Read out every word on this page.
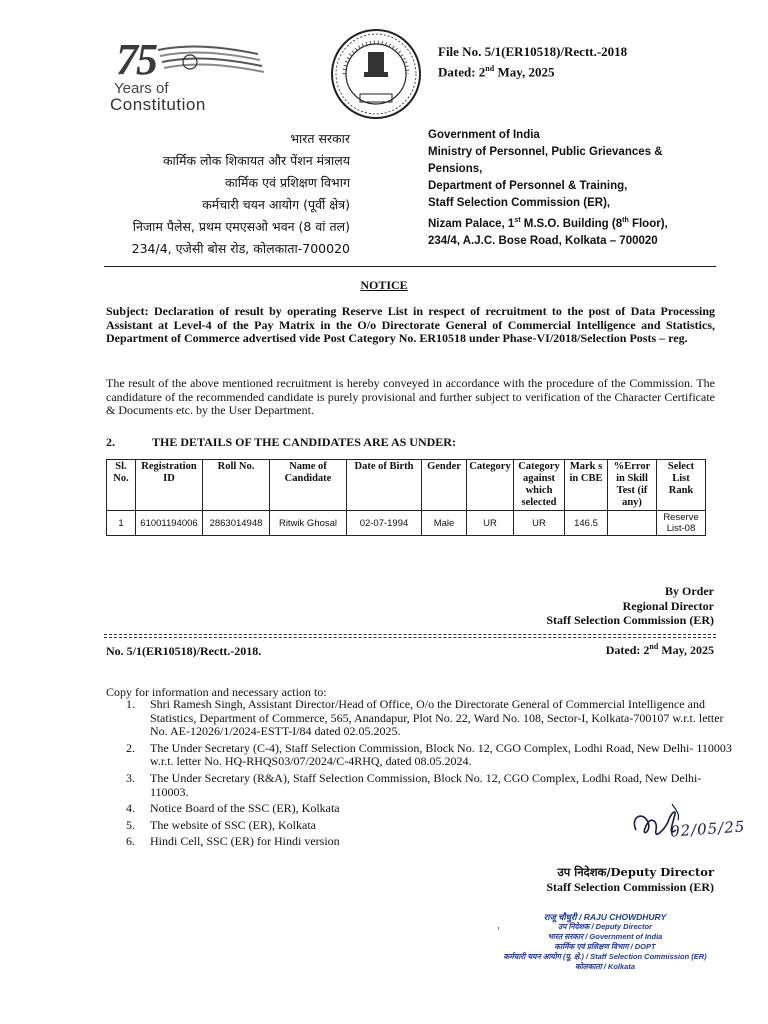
75
Years of
Constitution
File No. 5/1(ER10518)/Rectt.-2018
Dated: 2nd May, 2025
भारत सरकार
कार्मिक लोक शिकायत और पेंशन मंत्रालय
कार्मिक एवं प्रशिक्षण विभाग
कर्मचारी चयन आयोग (पूर्वी क्षेत्र)
निजाम पैलेस, प्रथम एमएसओ भवन (8 वां तल)
234/4, एजेसी बोस रोड, कोलकाता-700020
Government of India
Ministry of Personnel, Public Grievances &
Pensions,
Department of Personnel & Training,
Staff Selection Commission (ER),
Nizam Palace, 1st M.S.O. Building (8th Floor),
234/4, A.J.C. Bose Road, Kolkata – 700020
NOTICE
Subject: Declaration of result by operating Reserve List in respect of recruitment to the post of Data Processing Assistant at Level-4 of the Pay Matrix in the O/o Directorate General of Commercial Intelligence and Statistics, Department of Commerce advertised vide Post Category No. ER10518 under Phase-VI/2018/Selection Posts – reg.
The result of the above mentioned recruitment is hereby conveyed in accordance with the procedure of the Commission. The candidature of the recommended candidate is purely provisional and further subject to verification of the Character Certificate & Documents etc. by the User Department.
2.	THE DETAILS OF THE CANDIDATES ARE AS UNDER:
Sl. No.	Registration ID	Roll No.	Name of Candidate	Date of Birth	Gender	Category	Category against which selected	Mark s in CBE	%Error in Skill Test (if any)	Select List Rank
1	61001194006	2863014948	Ritwik Ghosal	02-07-1994	Male	UR	UR	146.5		Reserve List-08
By Order
Regional Director
Staff Selection Commission (ER)
No. 5/1(ER10518)/Rectt.-2018.	Dated: 2nd May, 2025
Copy for information and necessary action to:
1. Shri Ramesh Singh, Assistant Director/Head of Office, O/o the Directorate General of Commercial Intelligence and Statistics, Department of Commerce, 565, Anandapur, Plot No. 22, Ward No. 108, Sector-I, Kolkata-700107 w.r.t. letter No. AE-12026/1/2024-ESTT-I/84 dated 02.05.2025.
2. The Under Secretary (C-4), Staff Selection Commission, Block No. 12, CGO Complex, Lodhi Road, New Delhi- 110003 w.r.t. letter No. HQ-RHQS03/07/2024/C-4RHQ, dated 08.05.2024.
3. The Under Secretary (R&A), Staff Selection Commission, Block No. 12, CGO Complex, Lodhi Road, New Delhi-110003.
4. Notice Board of the SSC (ER), Kolkata
5. The website of SSC (ER), Kolkata
6. Hindi Cell, SSC (ER) for Hindi version
02/05/25
उप निदेशक/Deputy Director
Staff Selection Commission (ER)
राजू चौधुरी / RAJU CHOWDHURY
उप निदेशक / Deputy Director
भारत सरकार / Government of India
कार्मिक एवं प्रशिक्षण विभाग / DOPT
कर्मचारी चयन आयोग (पू. क्षे.) / Staff Selection Commission (ER)
कोलकाता / Kolkata
'
